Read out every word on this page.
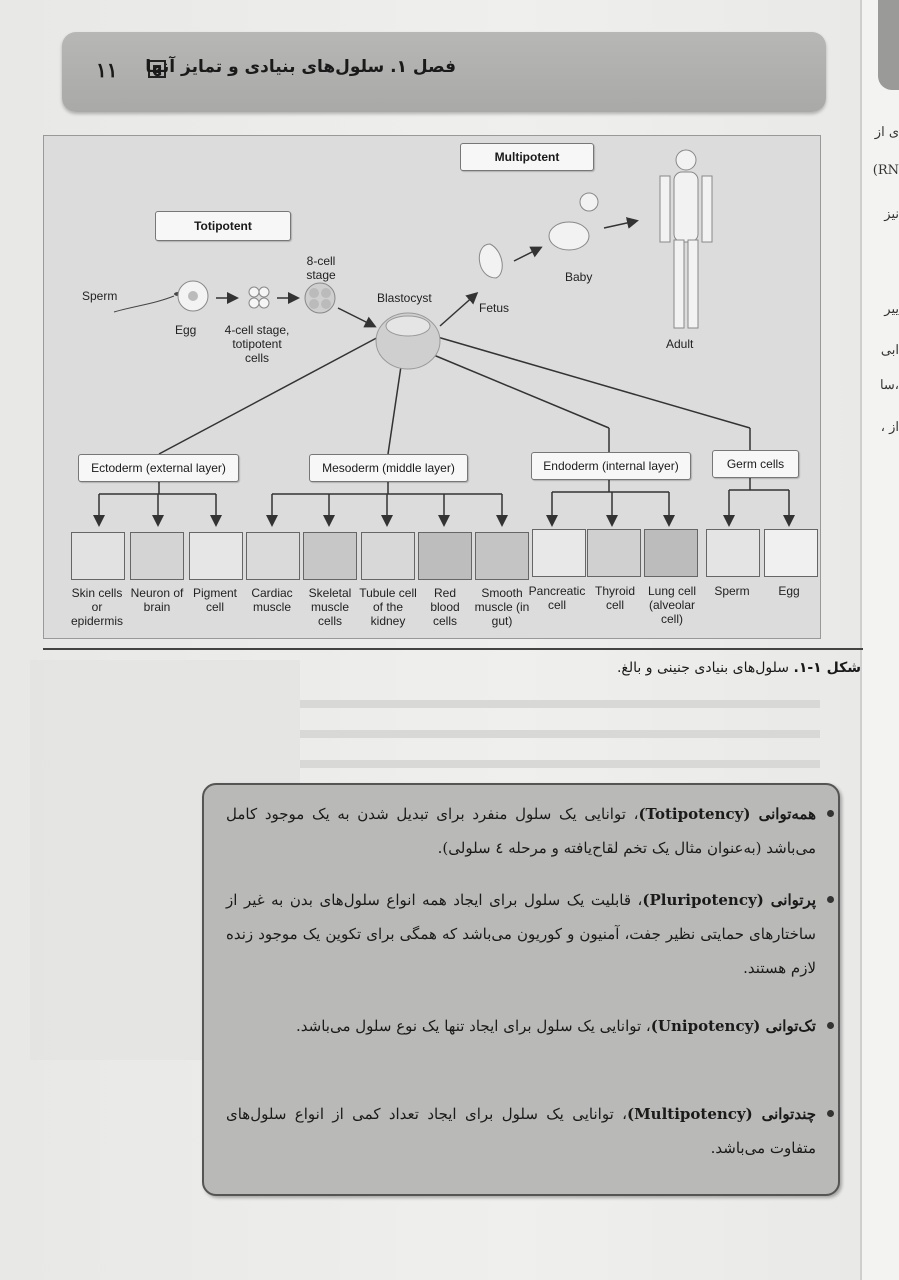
ی از
(RN
نیز
ییر
ابی
سا،
، از
۱۱ فصل ۱. سلول‌های بنیادی و تمایز آنها
Totipotent
Multipotent
Sperm
Egg 4-cell stage, totipotent cells
8-cell stage
Blastocyst
Fetus
Baby
Adult
Ectoderm (external layer)	Mesoderm (middle layer)	Endoderm (internal layer)	Germ cells
Skin cells or epidermis
Neuron of brain
Pigment cell
Cardiac muscle
Skeletal muscle cells
Tubule cell of the kidney
Red blood cells
Smooth muscle (in gut)
Pancreatic cell
Thyroid cell
Lung cell (alveolar cell)
Sperm	Egg
شکل ۱-۱. سلول‌های بنیادی جنینی و بالغ.
همه‌توانی (Totipotency)، توانایی یک سلول منفرد برای تبدیل شدن به یک موجود کامل می‌باشد (به‌عنوان مثال یک تخم لقاح‌یافته و مرحله ٤ سلولی).
پرتوانی (Pluripotency)، قابلیت یک سلول برای ایجاد همه انواع سلول‌های بدن به غیر از ساختارهای حمایتی نظیر جفت، آمنیون و کوریون می‌باشد که همگی برای تکوین یک موجود زنده لازم هستند.
تک‌توانی (Unipotency)، توانایی یک سلول برای ایجاد تنها یک نوع سلول می‌باشد.
چندتوانی (Multipotency)، توانایی یک سلول برای ایجاد تعداد کمی از انواع سلول‌های متفاوت می‌باشد.
